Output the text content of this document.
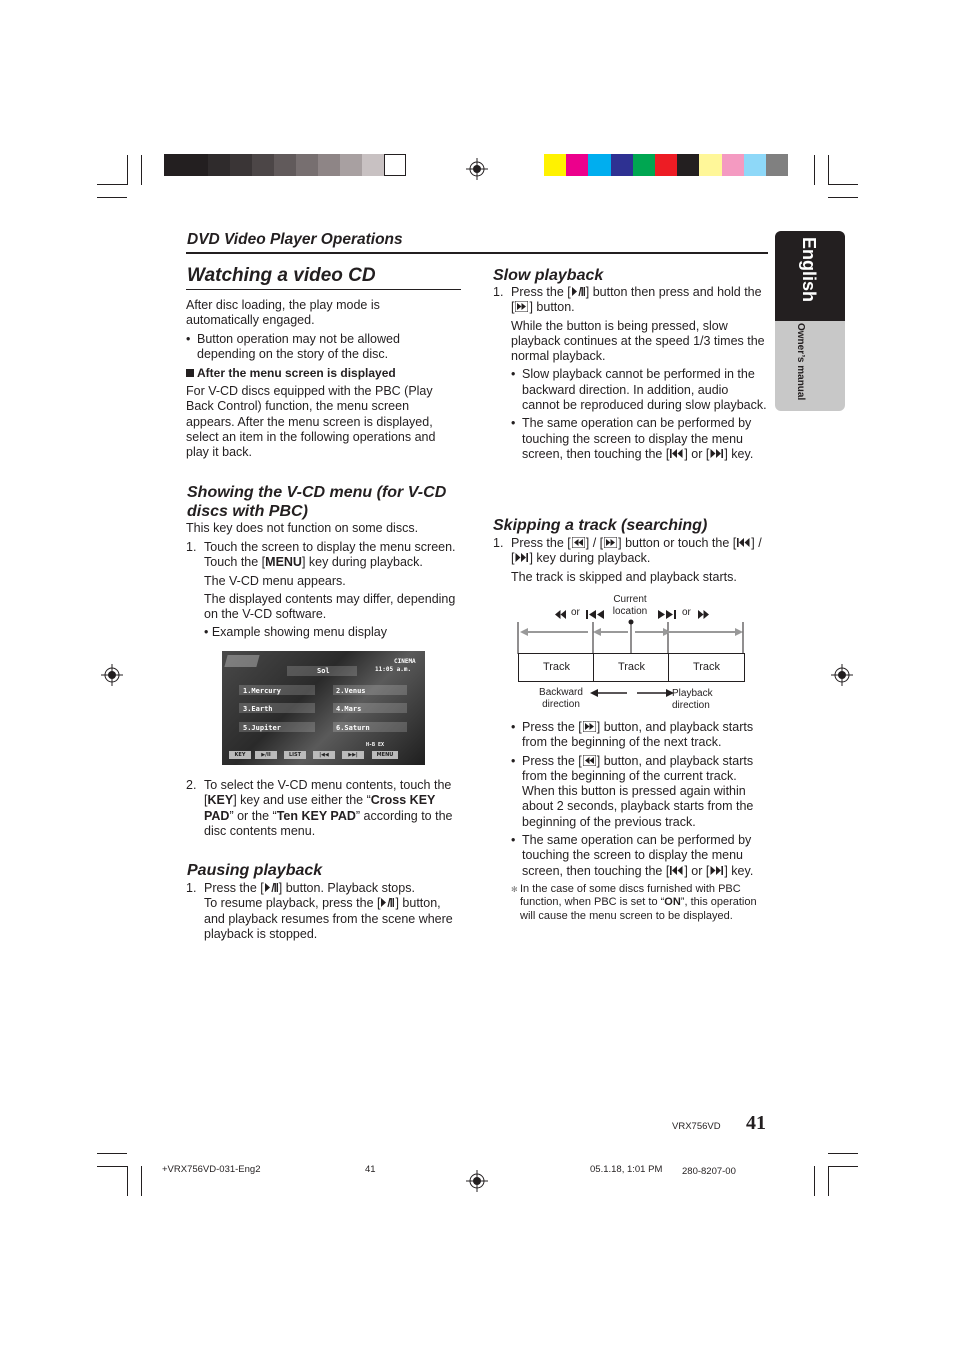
DVD Video Player Operations	English
Owner’s manual
Watching a video CD
After disc loading, the play mode is automatically engaged.
• Button operation may not be allowed depending on the story of the disc.
After the menu screen is displayed
For V-CD discs equipped with the PBC (Play Back Control) function, the menu screen appears. After the menu screen is displayed, select an item in the following operations and play it back.
Showing the V-CD menu (for V-CD discs with PBC)
This key does not function on some discs.
1. Touch the screen to display the menu screen. Touch the [MENU] key during playback.
The V-CD menu appears.
The displayed contents may differ, depending on the V-CD software.
• Example showing menu display
Sol
CINEMA
11:05 a.m.
1.Mercury	2.Venus
3.Earth	4.Mars
5.Jupiter	6.Saturn
H-B EX
KEY	▶/II	LIST	|◀◀	▶▶|	MENU
2. To select the V-CD menu contents, touch the [KEY] key and use either the “Cross KEY PAD” or the “Ten KEY PAD” according to the disc contents menu.
Pausing playback
1. Press the [ ] button. Playback stops.
To resume playback, press the [ ] button, and playback resumes from the scene where playback is stopped.
Slow playback
1. Press the [ ] button then press and hold the [ ] button.
While the button is being pressed, slow playback continues at the speed 1/3 times the normal playback.
• Slow playback cannot be performed in the backward direction. In addition, audio cannot be reproduced during slow playback.
• The same operation can be performed by touching the screen to display the menu screen, then touching the [ ] or [ ] key.
Skipping a track (searching)
1. Press the [ ] / [ ] button or touch the [ ] / [ ] key during playback.
The track is skipped and playback starts.
or
Current location	or
Track	Track	Track
Backward direction
Playback direction
• Press the [ ] button, and playback starts from the beginning of the next track.
• Press the [ ] button, and playback starts from the beginning of the current track. When this button is pressed again within about 2 seconds, playback starts from the beginning of the previous track.
• The same operation can be performed by touching the screen to display the menu screen, then touching the [ ] or [ ] key.
✻ In the case of some discs furnished with PBC function, when PBC is set to “ON”, this operation will cause the menu screen to be displayed.
VRX756VD 41
+VRX756VD-031-Eng2	41	05.1.18, 1:01 PM 280-8207-00
